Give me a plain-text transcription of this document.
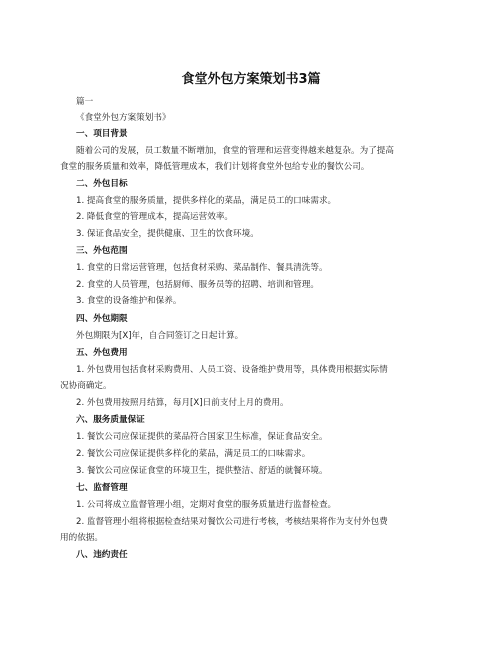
食堂外包方案策划书3篇
篇一
《食堂外包方案策划书》
一、项目背景
随着公司的发展，员工数量不断增加，食堂的管理和运营变得越来越复杂。为了提高
食堂的服务质量和效率，降低管理成本，我们计划将食堂外包给专业的餐饮公司。
二、外包目标
1. 提高食堂的服务质量，提供多样化的菜品，满足员工的口味需求。
2. 降低食堂的管理成本，提高运营效率。
3. 保证食品安全，提供健康、卫生的饮食环境。
三、外包范围
1. 食堂的日常运营管理，包括食材采购、菜品制作、餐具清洗等。
2. 食堂的人员管理，包括厨师、服务员等的招聘、培训和管理。
3. 食堂的设备维护和保养。
四、外包期限
外包期限为[X]年，自合同签订之日起计算。
五、外包费用
1. 外包费用包括食材采购费用、人员工资、设备维护费用等，具体费用根据实际情
况协商确定。
2. 外包费用按照月结算，每月[X]日前支付上月的费用。
六、服务质量保证
1. 餐饮公司应保证提供的菜品符合国家卫生标准，保证食品安全。
2. 餐饮公司应保证提供多样化的菜品，满足员工的口味需求。
3. 餐饮公司应保证食堂的环境卫生，提供整洁、舒适的就餐环境。
七、监督管理
1. 公司将成立监督管理小组，定期对食堂的服务质量进行监督检查。
2. 监督管理小组将根据检查结果对餐饮公司进行考核，考核结果将作为支付外包费
用的依据。
八、违约责任
